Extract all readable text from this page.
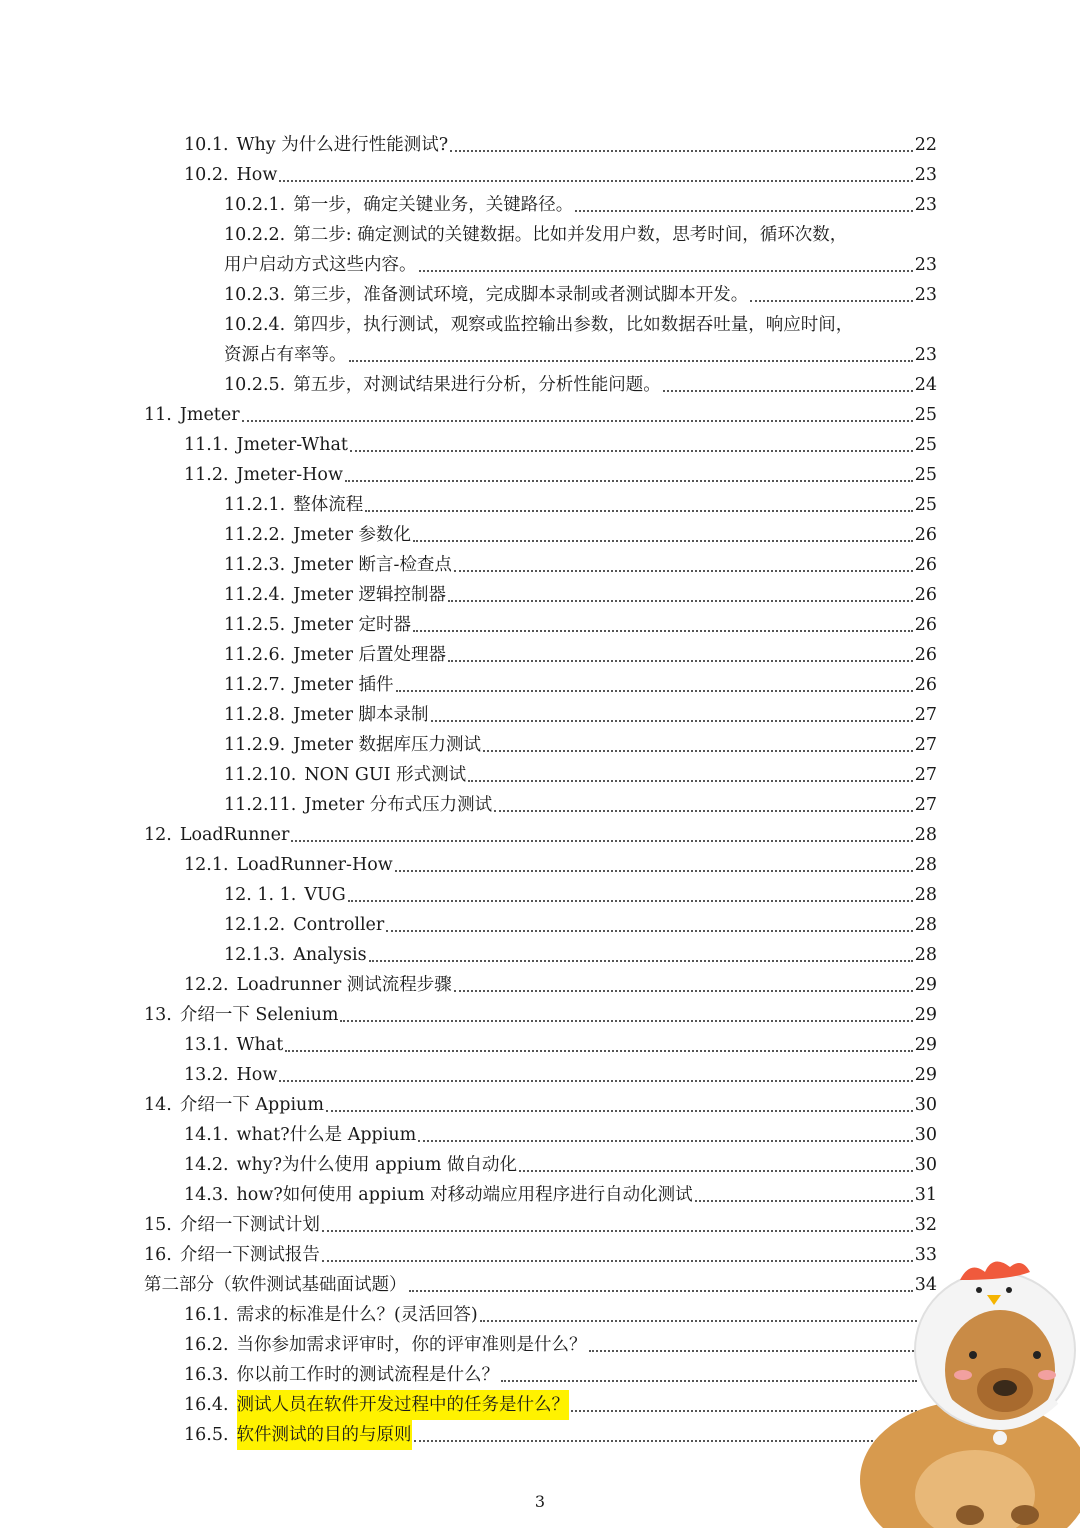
10.1. Why 为什么进行性能测试?	22
10.2. How	23
10.2.1. 第一步，确定关键业务，关键路径。	23
10.2.2. 第二步: 确定测试的关键数据。比如并发用户数，思考时间，循环次数，
用户启动方式这些内容。	23
10.2.3. 第三步，准备测试环境，完成脚本录制或者测试脚本开发。	23
10.2.4. 第四步，执行测试，观察或监控输出参数，比如数据吞吐量，响应时间，
资源占有率等。	23
10.2.5. 第五步，对测试结果进行分析，分析性能问题。	24
11. Jmeter	25
11.1. Jmeter-What	25
11.2. Jmeter-How	25
11.2.1. 整体流程	25
11.2.2. Jmeter 参数化	26
11.2.3. Jmeter 断言-检查点	26
11.2.4. Jmeter 逻辑控制器	26
11.2.5. Jmeter 定时器	26
11.2.6. Jmeter 后置处理器	26
11.2.7. Jmeter 插件	26
11.2.8. Jmeter 脚本录制	27
11.2.9. Jmeter 数据库压力测试	27
11.2.10. NON GUI 形式测试	27
11.2.11. Jmeter 分布式压力测试	27
12. LoadRunner	28
12.1. LoadRunner-How	28
12. 1. 1. VUG	28
12.1.2. Controller	28
12.1.3. Analysis	28
12.2. Loadrunner 测试流程步骤	29
13. 介绍一下 Selenium	29
13.1. What	29
13.2. How	29
14. 介绍一下 Appium	30
14.1. what?什么是 Appium	30
14.2. why?为什么使用 appium 做自动化	30
14.3. how?如何使用 appium 对移动端应用程序进行自动化测试	31
15. 介绍一下测试计划	32
16. 介绍一下测试报告	33
第二部分（软件测试基础面试题）	34
16.1. 需求的标准是什么？(灵活回答)
16.2. 当你参加需求评审时，你的评审准则是什么？
16.3. 你以前工作时的测试流程是什么？
16.4. 测试人员在软件开发过程中的任务是什么？
16.5. 软件测试的目的与原则
3
